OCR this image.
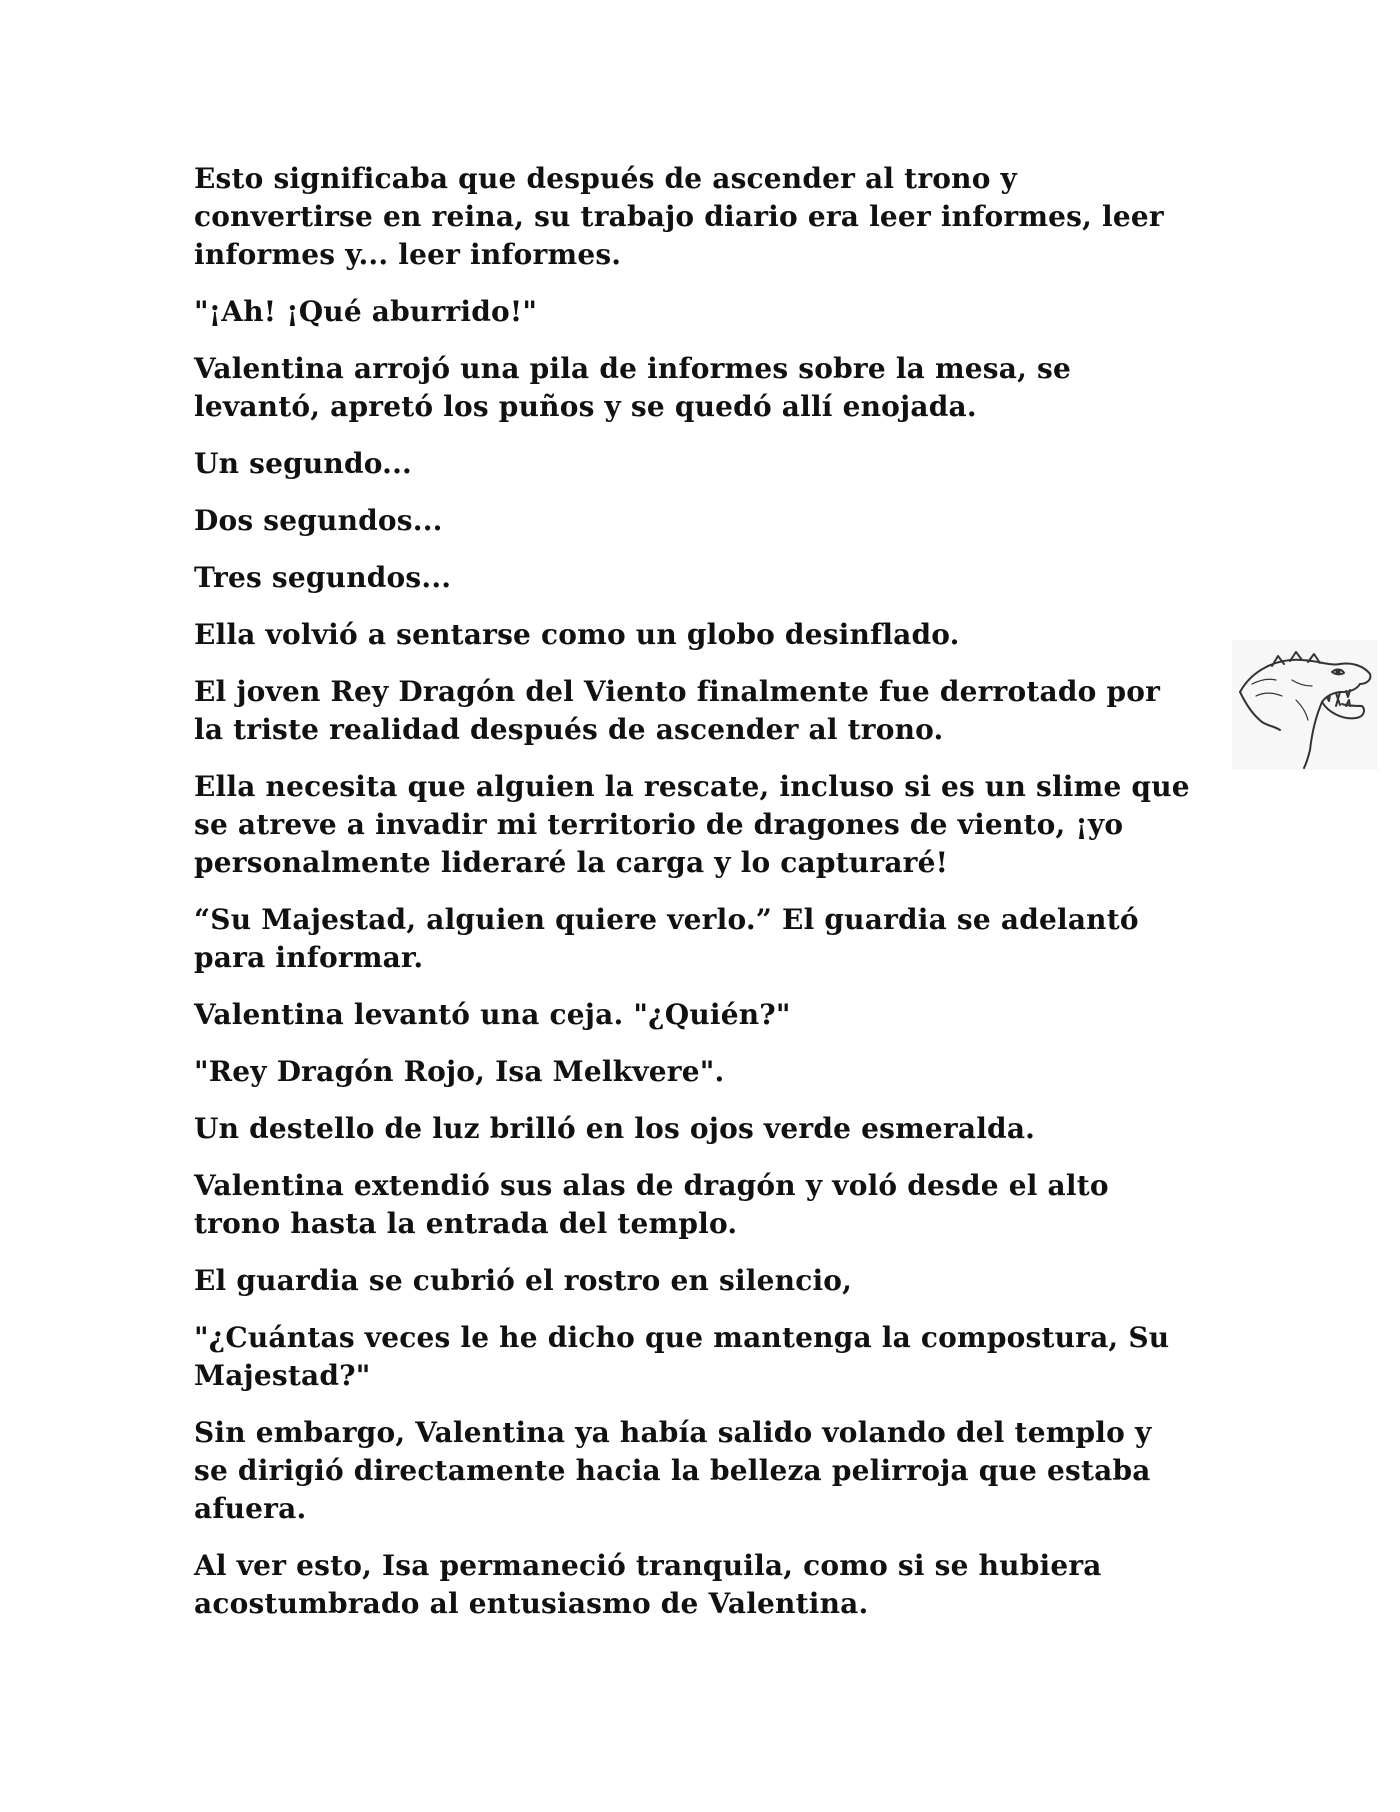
Esto significaba que después de ascender al trono y convertirse en reina, su trabajo diario era leer informes, leer informes y... leer informes.

"¡Ah! ¡Qué aburrido!"

Valentina arrojó una pila de informes sobre la mesa, se levantó, apretó los puños y se quedó allí enojada.

Un segundo...

Dos segundos...

Tres segundos...

Ella volvió a sentarse como un globo desinflado.

El joven Rey Dragón del Viento finalmente fue derrotado por la triste realidad después de ascender al trono.

Ella necesita que alguien la rescate, incluso si es un slime que se atreve a invadir mi territorio de dragones de viento, ¡yo personalmente lideraré la carga y lo capturaré!

“Su Majestad, alguien quiere verlo.” El guardia se adelantó para informar.

Valentina levantó una ceja. "¿Quién?"

"Rey Dragón Rojo, Isa Melkvere".

Un destello de luz brilló en los ojos verde esmeralda.

Valentina extendió sus alas de dragón y voló desde el alto trono hasta la entrada del templo.

El guardia se cubrió el rostro en silencio,

"¿Cuántas veces le he dicho que mantenga la compostura, Su Majestad?"

Sin embargo, Valentina ya había salido volando del templo y se dirigió directamente hacia la belleza pelirroja que estaba afuera.

Al ver esto, Isa permaneció tranquila, como si se hubiera acostumbrado al entusiasmo de Valentina.
